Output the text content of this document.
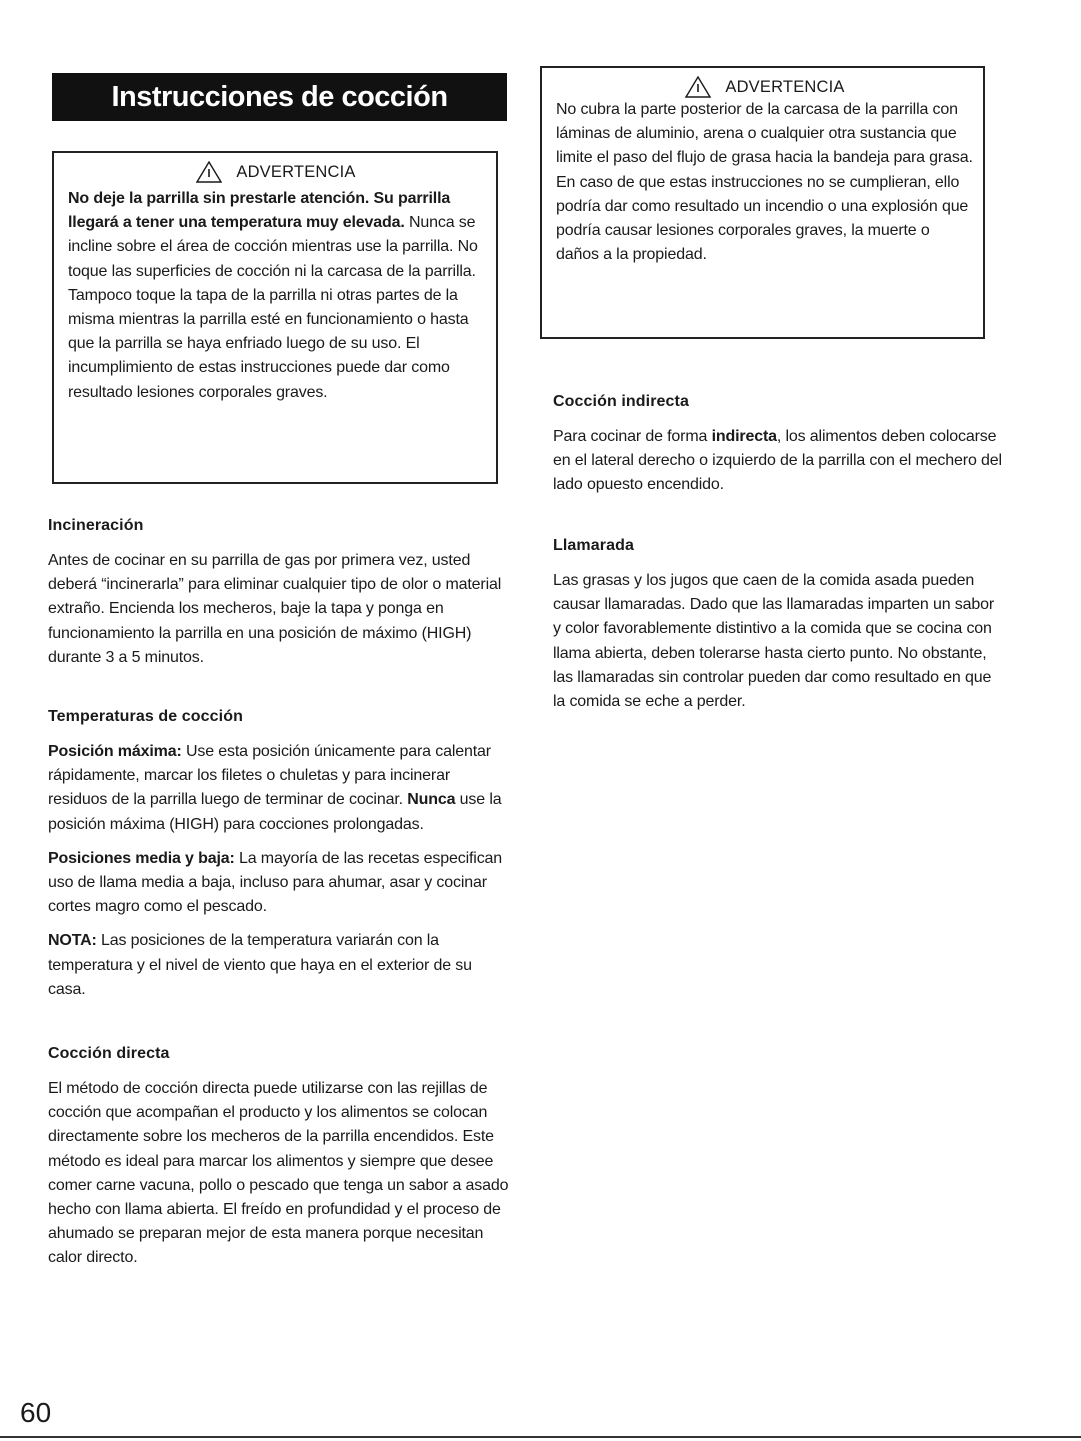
Instrucciones de cocción
ADVERTENCIA

No deje la parrilla sin prestarle atención. Su parrilla llegará a tener una temperatura muy elevada. Nunca se incline sobre el área de cocción mientras use la parrilla. No toque las superficies de cocción ni la carcasa de la parrilla. Tampoco toque la tapa de la parrilla ni otras partes de la misma mientras la parrilla esté en funcionamiento o hasta que la parrilla se haya enfriado luego de su uso. El incumplimiento de estas instrucciones puede dar como resultado lesiones corporales graves.

ADVERTENCIA

No cubra la parte posterior de la carcasa de la parrilla con láminas de aluminio, arena o cualquier otra sustancia que limite el paso del flujo de grasa hacia la bandeja para grasa.

En caso de que estas instrucciones no se cumplieran, ello podría dar como resultado un incendio o una explosión que podría causar lesiones corporales graves, la muerte o daños a la propiedad.

Incineración

Antes de cocinar en su parrilla de gas por primera vez, usted deberá “incinerarla” para eliminar cualquier tipo de olor o material extraño. Encienda los mecheros, baje la tapa y ponga en funcionamiento la parrilla en una posición de máximo (HIGH) durante 3 a 5 minutos.

Temperaturas de cocción

Posición máxima: Use esta posición únicamente para calentar rápidamente, marcar los filetes o chuletas y para incinerar residuos de la parrilla luego de terminar de cocinar. Nunca use la posición máxima (HIGH) para cocciones prolongadas.

Posiciones media y baja: La mayoría de las recetas especifican uso de llama media a baja, incluso para ahumar, asar y cocinar cortes magro como el pescado.

NOTA: Las posiciones de la temperatura variarán con la temperatura y el nivel de viento que haya en el exterior de su casa.

Cocción directa

El método de cocción directa puede utilizarse con las rejillas de cocción que acompañan el producto y los alimentos se colocan directamente sobre los mecheros de la parrilla encendidos. Este método es ideal para marcar los alimentos y siempre que desee comer carne vacuna, pollo o pescado que tenga un sabor a asado hecho con llama abierta. El freído en profundidad y el proceso de ahumado se preparan mejor de esta manera porque necesitan calor directo.

Cocción indirecta

Para cocinar de forma indirecta, los alimentos deben colocarse en el lateral derecho o izquierdo de la parrilla con el mechero del lado opuesto encendido.

Llamarada

Las grasas y los jugos que caen de la comida asada pueden causar llamaradas. Dado que las llamaradas imparten un sabor y color favorablemente distintivo a la comida que se cocina con llama abierta, deben tolerarse hasta cierto punto. No obstante, las llamaradas sin controlar pueden dar como resultado en que la comida se eche a perder.

60
